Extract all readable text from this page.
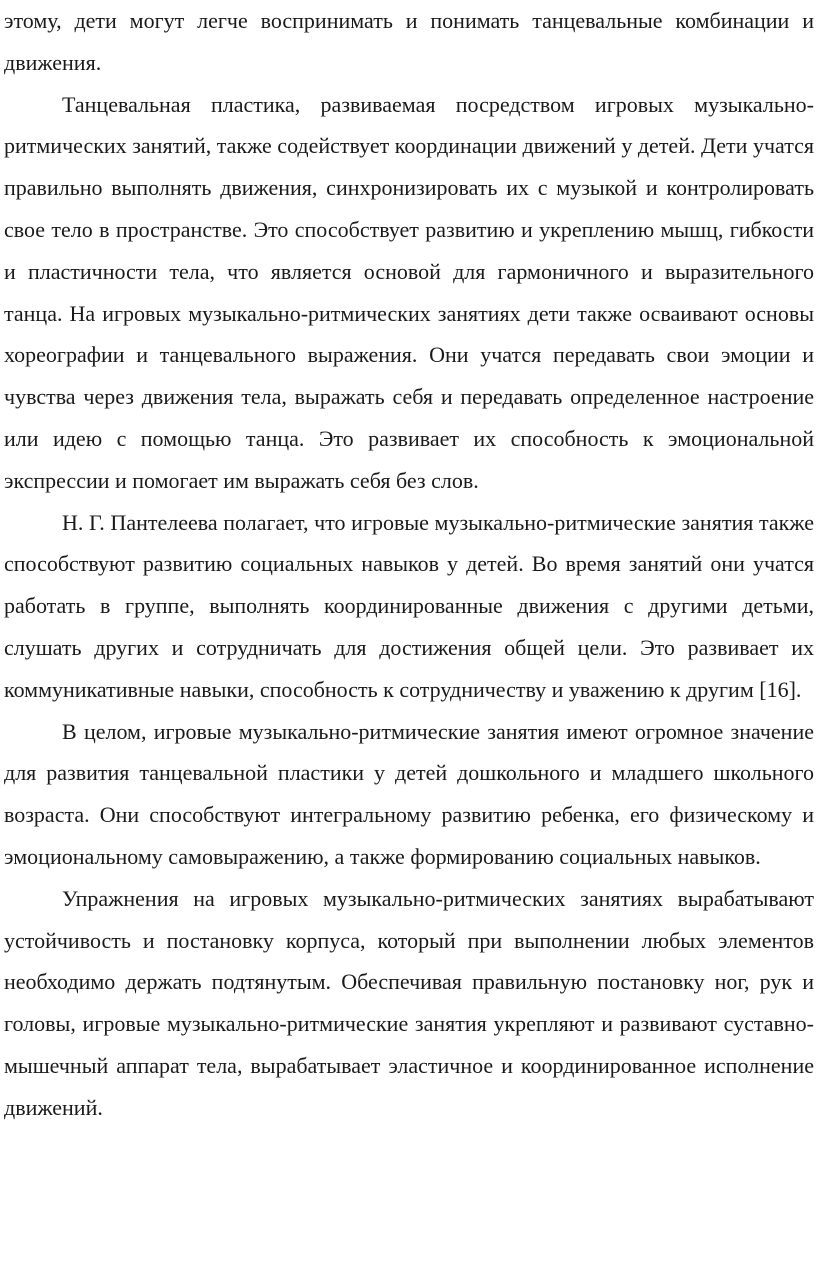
этому, дети могут легче воспринимать и понимать танцевальные комбинации и движения.

Танцевальная пластика, развиваемая посредством игровых музыкально-ритмических занятий, также содействует координации движений у детей. Дети учатся правильно выполнять движения, синхронизировать их с музыкой и контролировать свое тело в пространстве. Это способствует развитию и укреплению мышц, гибкости и пластичности тела, что является основой для гармоничного и выразительного танца. На игровых музыкально-ритмических занятиях дети также осваивают основы хореографии и танцевального выражения. Они учатся передавать свои эмоции и чувства через движения тела, выражать себя и передавать определенное настроение или идею с помощью танца. Это развивает их способность к эмоциональной экспрессии и помогает им выражать себя без слов.

Н. Г. Пантелеева полагает, что игровые музыкально-ритмические занятия также способствуют развитию социальных навыков у детей. Во время занятий они учатся работать в группе, выполнять координированные движения с другими детьми, слушать других и сотрудничать для достижения общей цели. Это развивает их коммуникативные навыки, способность к сотрудничеству и уважению к другим [16].

В целом, игровые музыкально-ритмические занятия имеют огромное значение для развития танцевальной пластики у детей дошкольного и младшего школьного возраста. Они способствуют интегральному развитию ребенка, его физическому и эмоциональному самовыражению, а также формированию социальных навыков.

Упражнения на игровых музыкально-ритмических занятиях вырабатывают устойчивость и постановку корпуса, который при выполнении любых элементов необходимо держать подтянутым. Обеспечивая правильную постановку ног, рук и головы, игровые музыкально-ритмические занятия укрепляют и развивают суставно-мышечный аппарат тела, вырабатывает эластичное и координированное исполнение движений.
